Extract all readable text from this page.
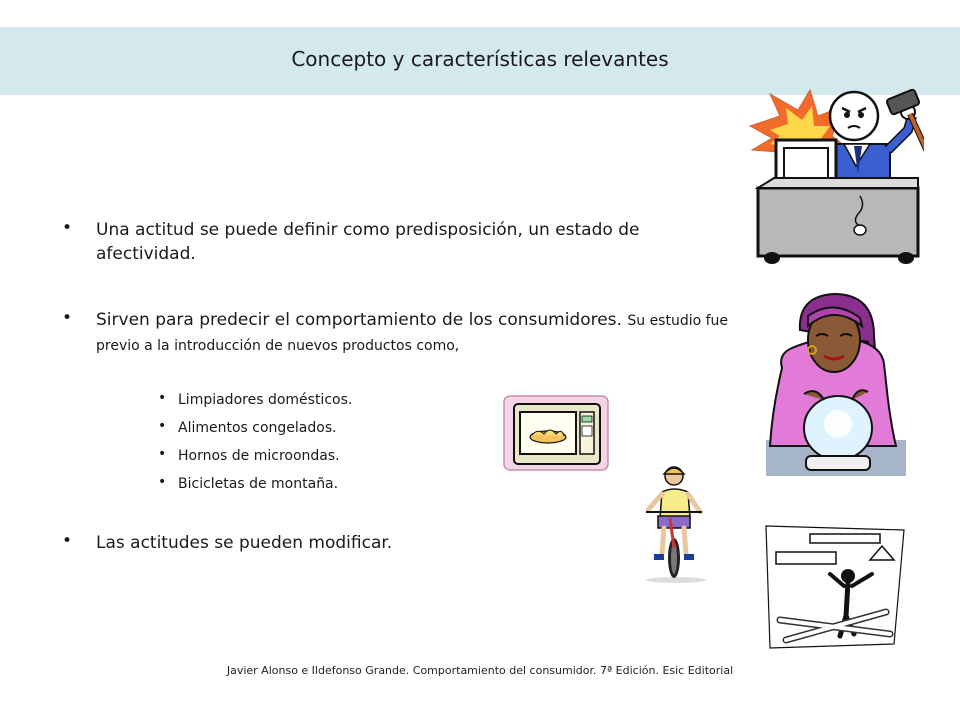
Concepto y características relevantes
• Una actitud se puede definir como predisposición, un estado de afectividad.
• Sirven para predecir el comportamiento de los consumidores. Su estudio fue previo a la introducción de nuevos productos como,
• Las actitudes se pueden modificar.
• Limpiadores domésticos.
• Alimentos congelados.
• Hornos de microondas.
• Bicicletas de montaña.
Javier Alonso e Ildefonso Grande. Comportamiento del consumidor. 7ª Edición. Esic Editorial
